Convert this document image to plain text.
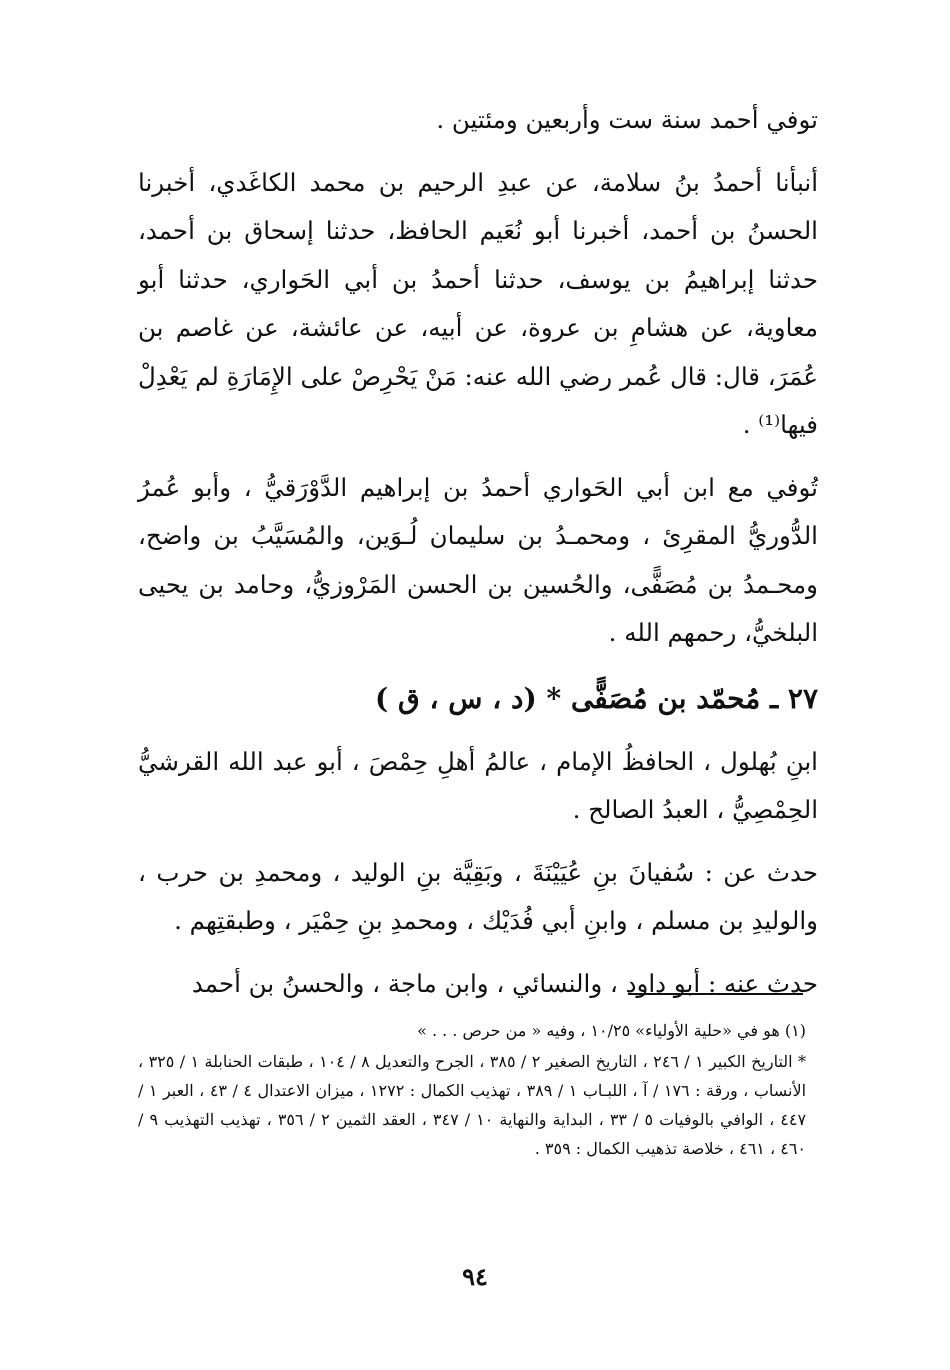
توفي أحمد سنة ست وأربعين ومئتين .

أنبأنا أحمدُ بنُ سلامة، عن عبدِ الرحيم بن محمد الكاغَدي، أخبرنا الحسنُ بن أحمد، أخبرنا أبو نُعَيم الحافظ، حدثنا إسحاق بن أحمد، حدثنا إبراهيمُ بن يوسف، حدثنا أحمدُ بن أبي الحَواري، حدثنا أبو معاوية، عن هشامِ بن عروة، عن أبيه، عن عائشة، عن غاصم بن عُمَرَ، قال: قال عُمر رضي الله عنه: مَنْ يَحْرِصْ على الإِمَارَةِ لم يَعْدِلْ فيها⁽¹⁾ .

تُوفي مع ابن أبي الحَواري أحمدُ بن إبراهيم الدَّوْرَقيُّ ، وأبو عُمرُ الدُّوريُّ المقرِئ ، ومحمـدُ بن سليمان لُـوَين، والمُسَيَّبُ بن واضح، ومحـمدُ بن مُصَفًّى، والحُسين بن الحسن المَرْوزيُّ، وحامد بن يحيى البلخيُّ، رحمهم الله .

٢٧ ـ مُحمّد بن مُصَفًّى * (د ، س ، ق )

ابنِ بُهلول ، الحافظُ الإمام ، عالمُ أهلِ حِمْصَ ، أبو عبد الله القرشيُّ الحِمْصِيُّ ، العبدُ الصالح .

حدث عن : سُفيانَ بنِ عُيَيْنَةَ ، وبَقِيَّة بنِ الوليد ، ومحمدِ بن حرب ، والوليدِ بن مسلم ، وابنِ أبي فُدَيْك ، ومحمدِ بنِ حِمْيَر ، وطبقتِهم .

حدث عنه : أبو داود ، والنسائي ، وابن ماجة ، والحسنُ بن أحمد

(١) هو في «حلية الأولياء» ١٠/٢٥ ، وفيه « من حرص . . . »

* التاريخ الكبير ١ / ٢٤٦ ، التاريخ الصغير ٢ / ٣٨٥ ، الجرح والتعديل ٨ / ١٠٤ ، طبقات الحنابلة ١ / ٣٢٥ ، الأنساب ، ورقة : ١٧٦ / آ ، اللبـاب ١ / ٣٨٩ ، تهذيب الكمال : ١٢٧٢ ، ميزان الاعتدال ٤ / ٤٣ ، العبر ١ / ٤٤٧ ، الوافي بالوفيات ٥ / ٣٣ ، البداية والنهاية ١٠ / ٣٤٧ ، العقد الثمين ٢ / ٣٥٦ ، تهذيب التهذيب ٩ / ٤٦٠ ، ٤٦١ ، خلاصة تذهيب الكمال : ٣٥٩ .

٩٤
